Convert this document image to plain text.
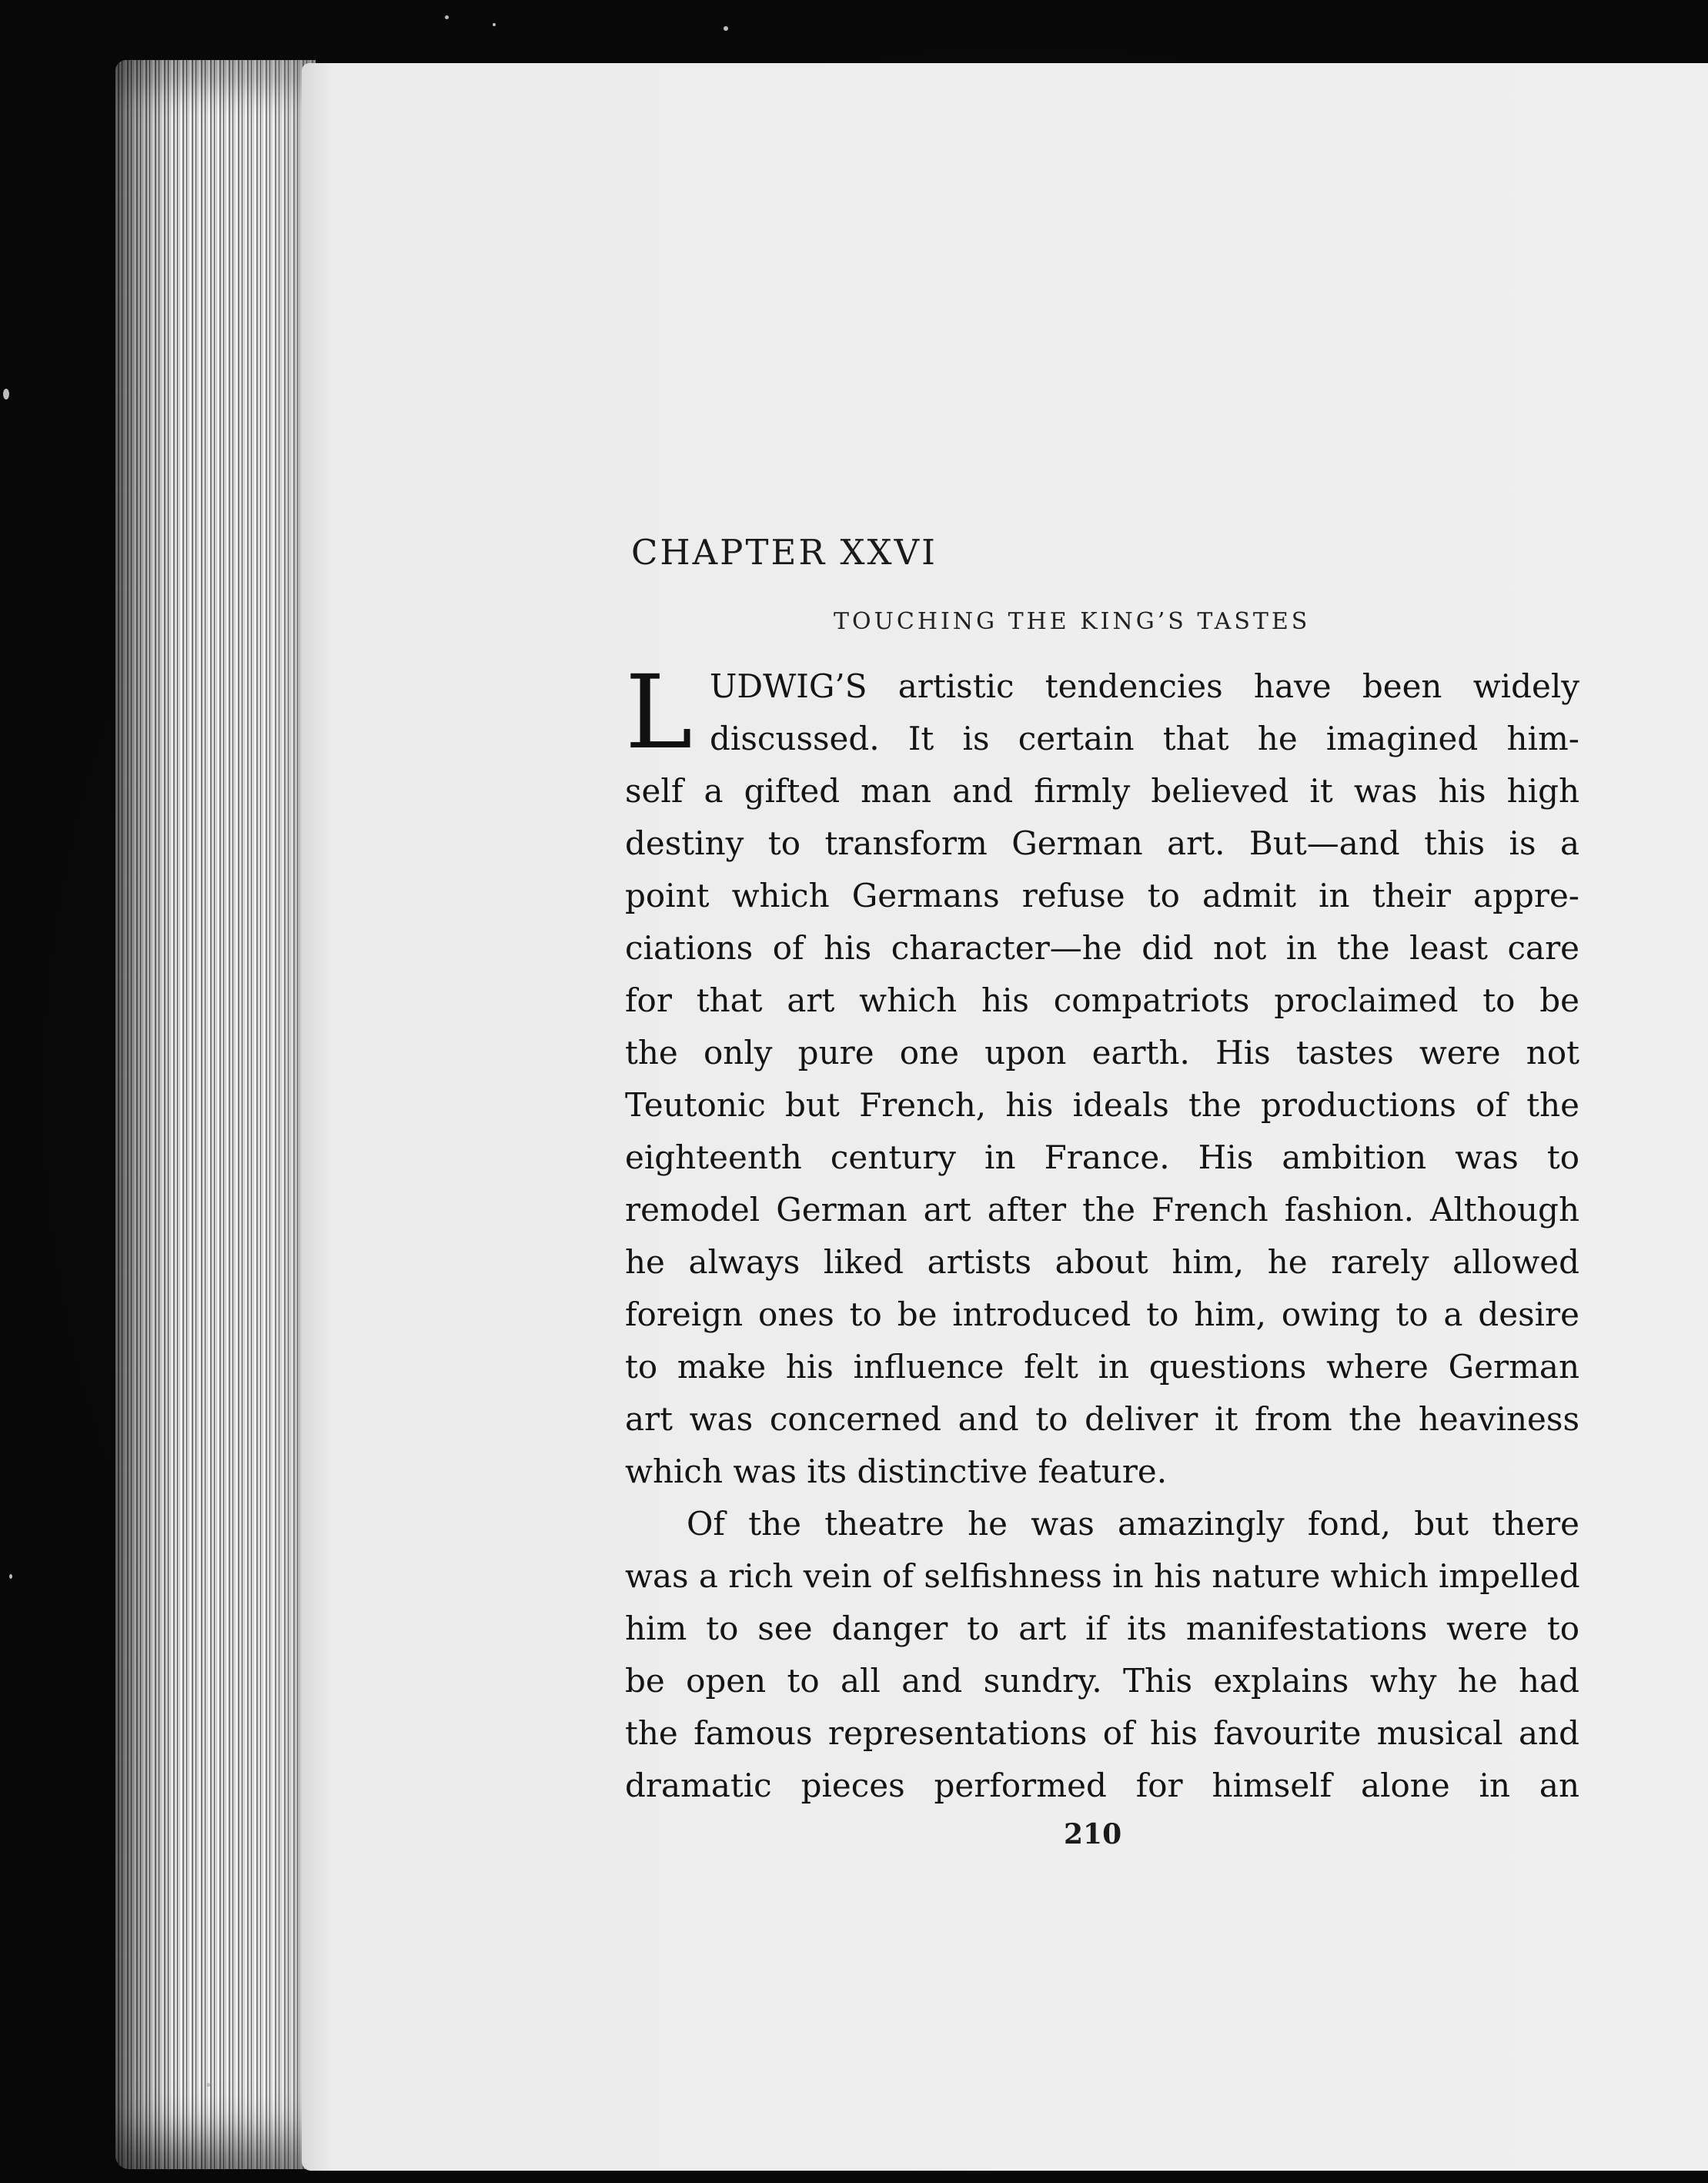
CHAPTER XXVI
TOUCHING THE KING’S TASTES
L UDWIG’S artistic tendencies have been widely
discussed. It is certain that he imagined him-
self a gifted man and firmly believed it was his high
destiny to transform German art. But—and this is a
point which Germans refuse to admit in their appre-
ciations of his character—he did not in the least care
for that art which his compatriots proclaimed to be
the only pure one upon earth. His tastes were not
Teutonic but French, his ideals the productions of the
eighteenth century in France. His ambition was to
remodel German art after the French fashion. Although
he always liked artists about him, he rarely allowed
foreign ones to be introduced to him, owing to a desire
to make his influence felt in questions where German
art was concerned and to deliver it from the heaviness
which was its distinctive feature.
Of the theatre he was amazingly fond, but there
was a rich vein of selfishness in his nature which impelled
him to see danger to art if its manifestations were to
be open to all and sundry. This explains why he had
the famous representations of his favourite musical and
dramatic pieces performed for himself alone in an
210
